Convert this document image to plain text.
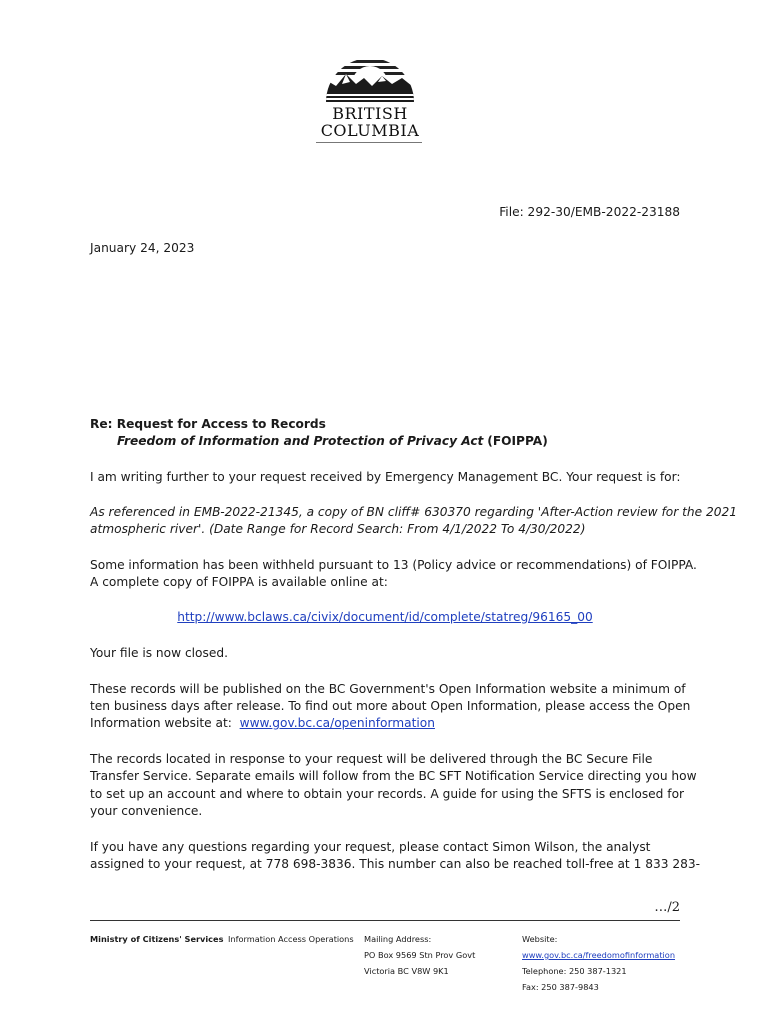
BRITISH
COLUMBIA
File: 292-30/EMB-2022-23188
January 24, 2023
Re: Request for Access to Records
Freedom of Information and Protection of Privacy Act (FOIPPA)
I am writing further to your request received by Emergency Management BC. Your request is for:
As referenced in EMB-2022-21345, a copy of BN cliff# 630370 regarding 'After-Action review for the 2021
atmospheric river'. (Date Range for Record Search: From 4/1/2022 To 4/30/2022)
Some information has been withheld pursuant to 13 (Policy advice or recommendations) of FOIPPA.
A complete copy of FOIPPA is available online at:
http://www.bclaws.ca/civix/document/id/complete/statreg/96165_00
Your file is now closed.
These records will be published on the BC Government's Open Information website a minimum of
ten business days after release. To find out more about Open Information, please access the Open
Information website at:  www.gov.bc.ca/openinformation
The records located in response to your request will be delivered through the BC Secure File
Transfer Service. Separate emails will follow from the BC SFT Notification Service directing you how
to set up an account and where to obtain your records. A guide for using the SFTS is enclosed for
your convenience.
If you have any questions regarding your request, please contact Simon Wilson, the analyst
assigned to your request, at 778 698-3836. This number can also be reached toll-free at 1 833 283-
…/2
Ministry of Citizens' Services Information Access Operations Mailing Address:
PO Box 9569 Stn Prov Govt
Victoria BC V8W 9K1
Website:
www.gov.bc.ca/freedomofinformation
Telephone: 250 387-1321
Fax: 250 387-9843
